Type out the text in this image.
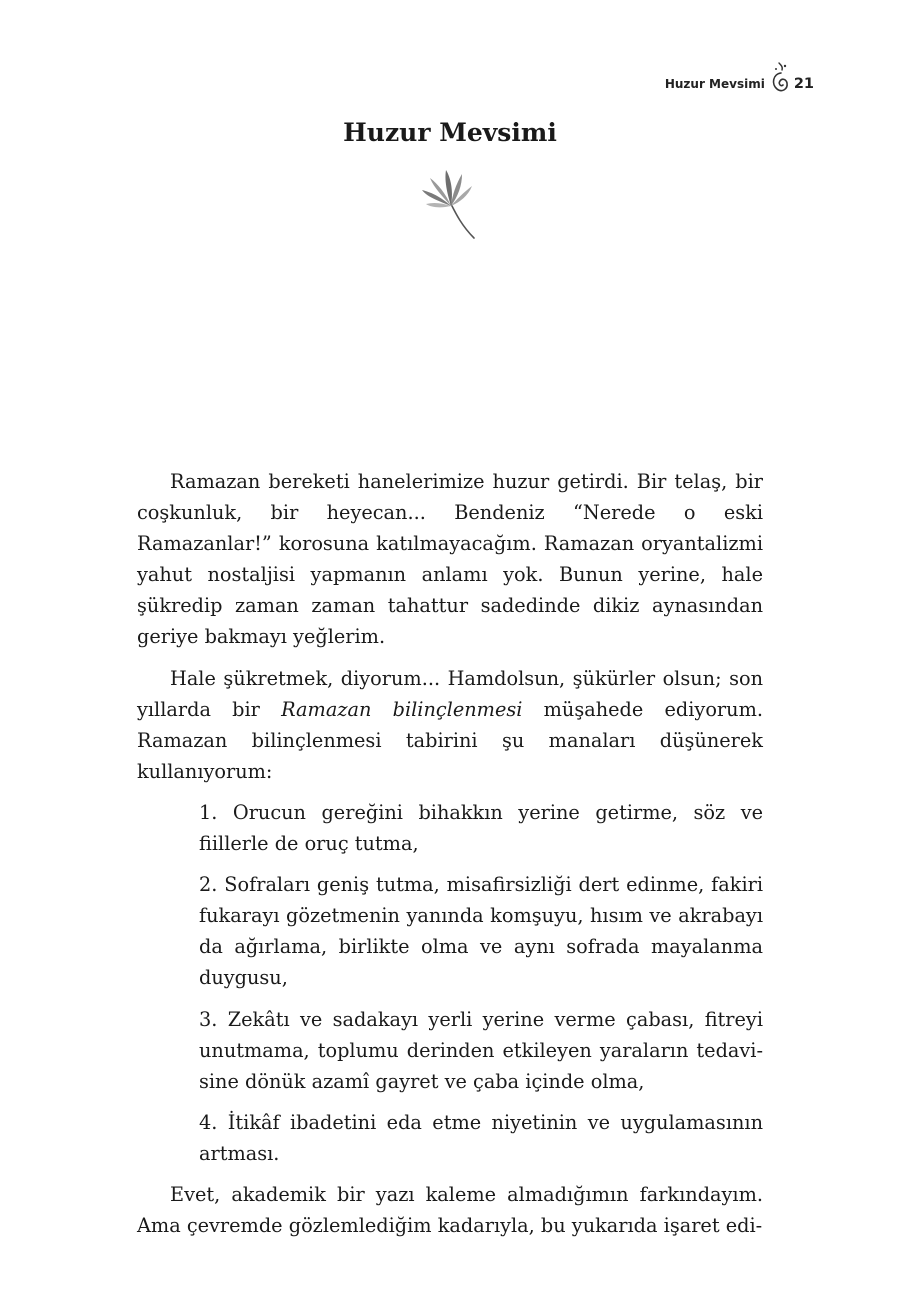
Huzur Mevsimi 21
Huzur Mevsimi

Ramazan bereketi hanelerimize huzur getirdi. Bir telaş, bir coşkunluk, bir heyecan... Bendeniz “Nerede o eski Ramazanlar!” korosuna katılmayacağım. Ramazan oryantalizmi yahut nostaljisi yapmanın anlamı yok. Bunun yerine, hale şükredip zaman zaman tahattur sadedinde dikiz aynasından geriye bakmayı yeğlerim.

Hale şükretmek, diyorum... Hamdolsun, şükürler olsun; son yıllarda bir Ramazan bilinçlenmesi müşahede ediyorum. Ramazan bilinçlenmesi tabirini şu manaları düşünerek kullanıyorum:

1. Orucun gereğini bihakkın yerine getirme, söz ve fiillerle de oruç tutma,
2. Sofraları geniş tutma, misafirsizliği dert edinme, fakiri fukarayı gözetmenin yanında komşuyu, hısım ve akrabayı da ağırlama, birlikte olma ve aynı sofrada mayalanma duygusu,
3. Zekâtı ve sadakayı yerli yerine verme çabası, fitreyi unutmama, toplumu derinden etkileyen yaraların tedavisine dönük azamî gayret ve çaba içinde olma,
4. İtikâf ibadetini eda etme niyetinin ve uygulamasının artması.

Evet, akademik bir yazı kaleme almadığımın farkındayım. Ama çevremde gözlemlediğim kadarıyla, bu yukarıda işaret edi-
